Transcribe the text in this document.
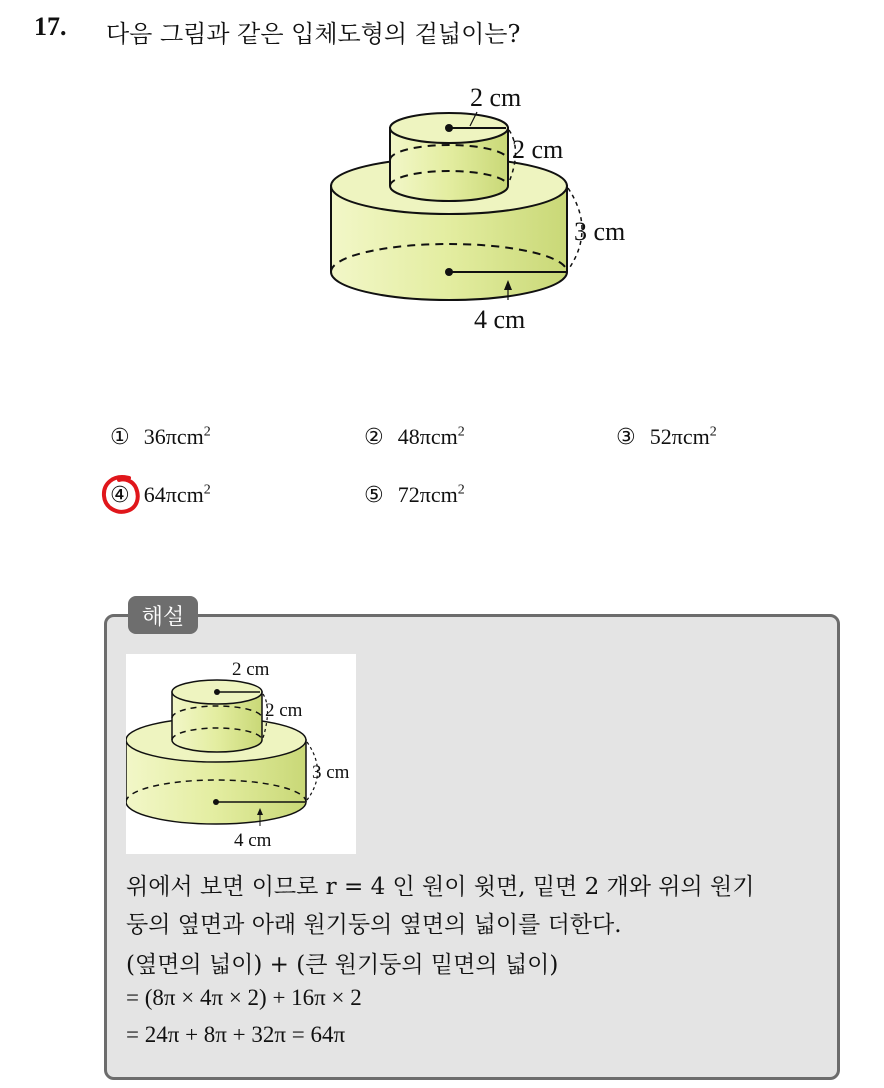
17. 다음 그림과 같은 입체도형의 겉넓이는?
2 cm
2 cm
3 cm
4 cm
① 36πcm$^2$	② 48πcm$^2$	③ 52πcm$^2$
④ 64πcm$^2$	⑤ 72πcm$^2$
해설
2 cm
2 cm
3 cm
4 cm
위에서 보면 이므로 r = 4 인 원이 윗면, 밑면 2 개와 위의 원기
둥의 옆면과 아래 원기둥의 옆면의 넓이를 더한다.
(옆면의 넓이) + (큰 원기둥의 밑면의 넓이)
= (8π × 4π × 2) + 16π × 2
= 24π + 8π + 32π = 64π
